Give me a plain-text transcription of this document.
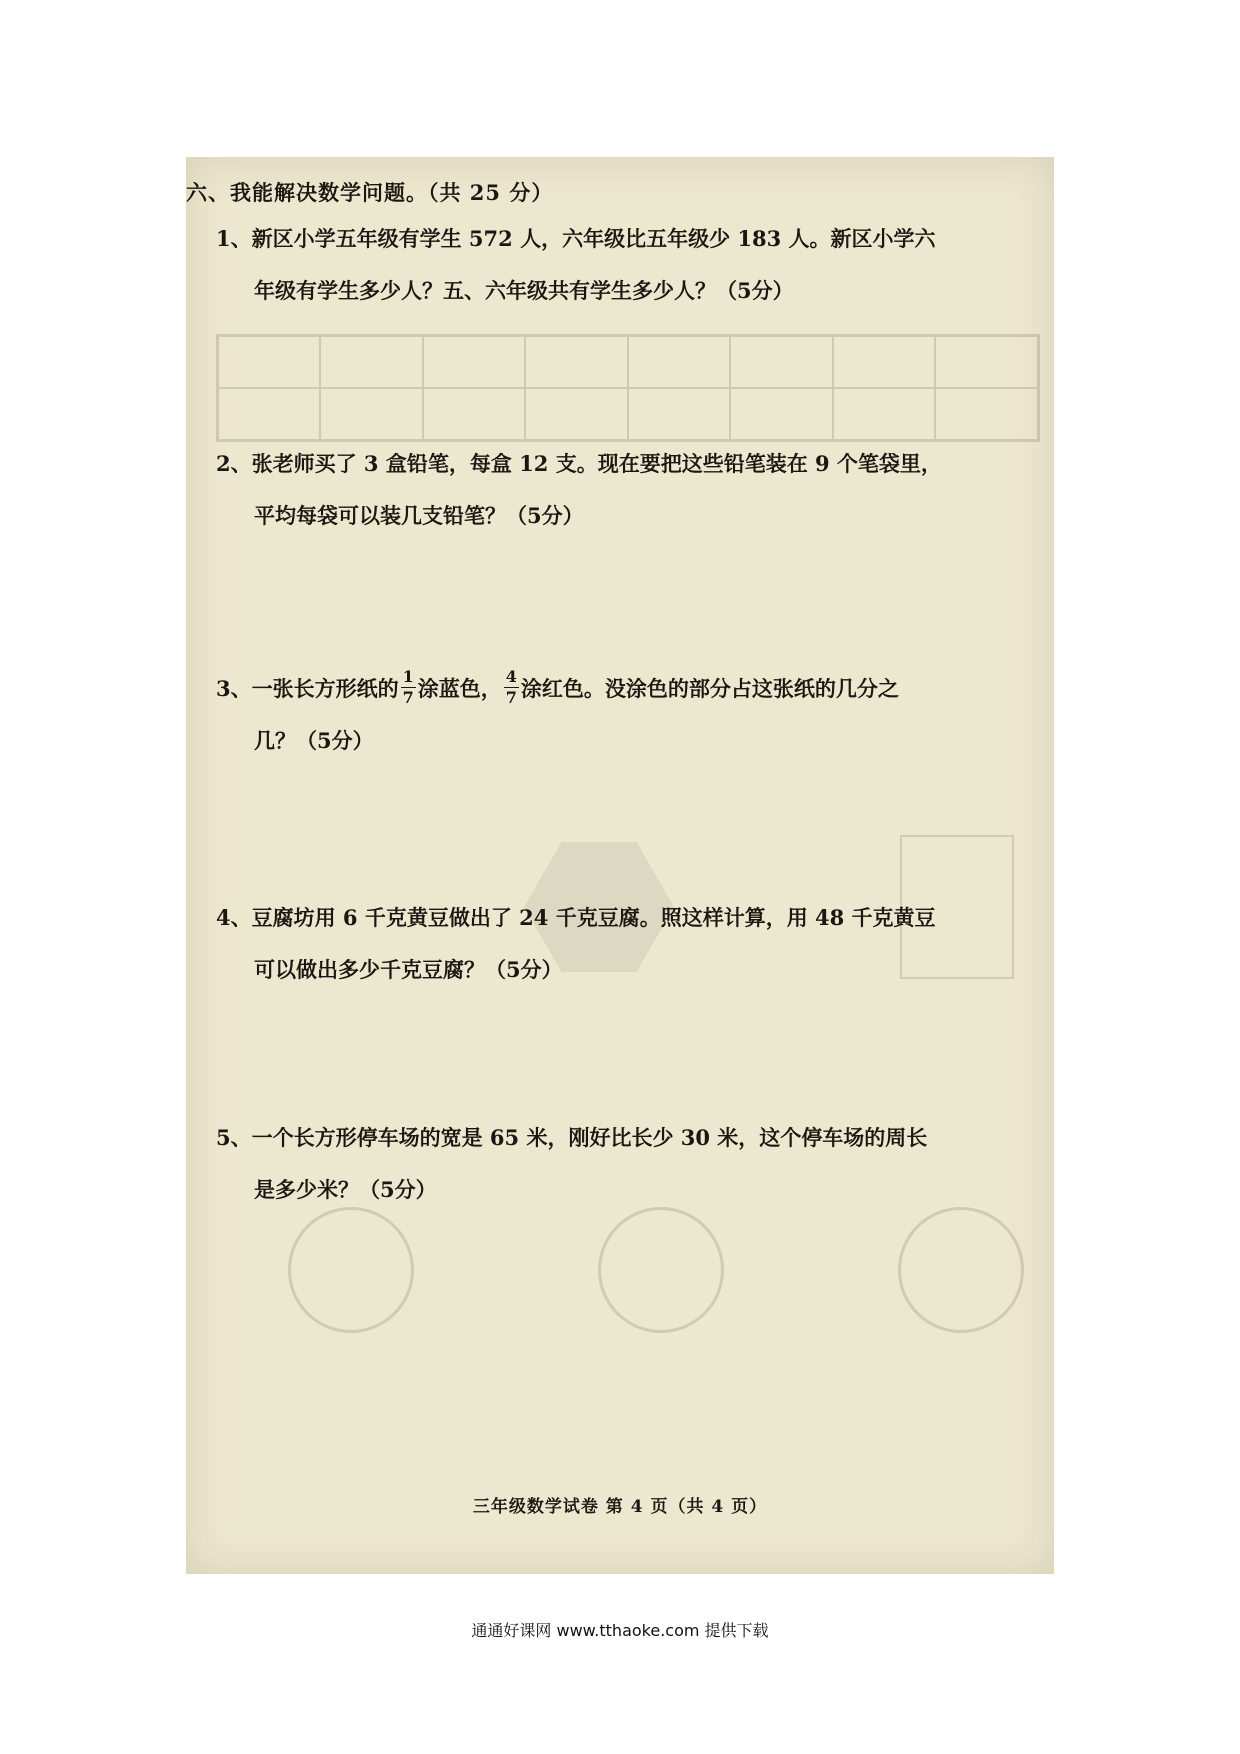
六、我能解决数学问题。（共 25 分）
1、新区小学五年级有学生 572 人，六年级比五年级少 183 人。新区小学六
年级有学生多少人？五、六年级共有学生多少人？（5分）
2、张老师买了 3 盒铅笔，每盒 12 支。现在要把这些铅笔装在 9 个笔袋里，
平均每袋可以装几支铅笔？（5分）
3、一张长方形纸的 $\frac{1}{7}$ 涂蓝色， $\frac{4}{7}$ 涂红色。没涂色的部分占这张纸的几分之
几？（5分）
4、豆腐坊用 6 千克黄豆做出了 24 千克豆腐。照这样计算，用 48 千克黄豆
可以做出多少千克豆腐？（5分）
5、一个长方形停车场的宽是 65 米，刚好比长少 30 米，这个停车场的周长
是多少米？（5分）
三年级数学试卷 第 4 页（共 4 页）
通通好课网 www.tthaoke.com 提供下载
